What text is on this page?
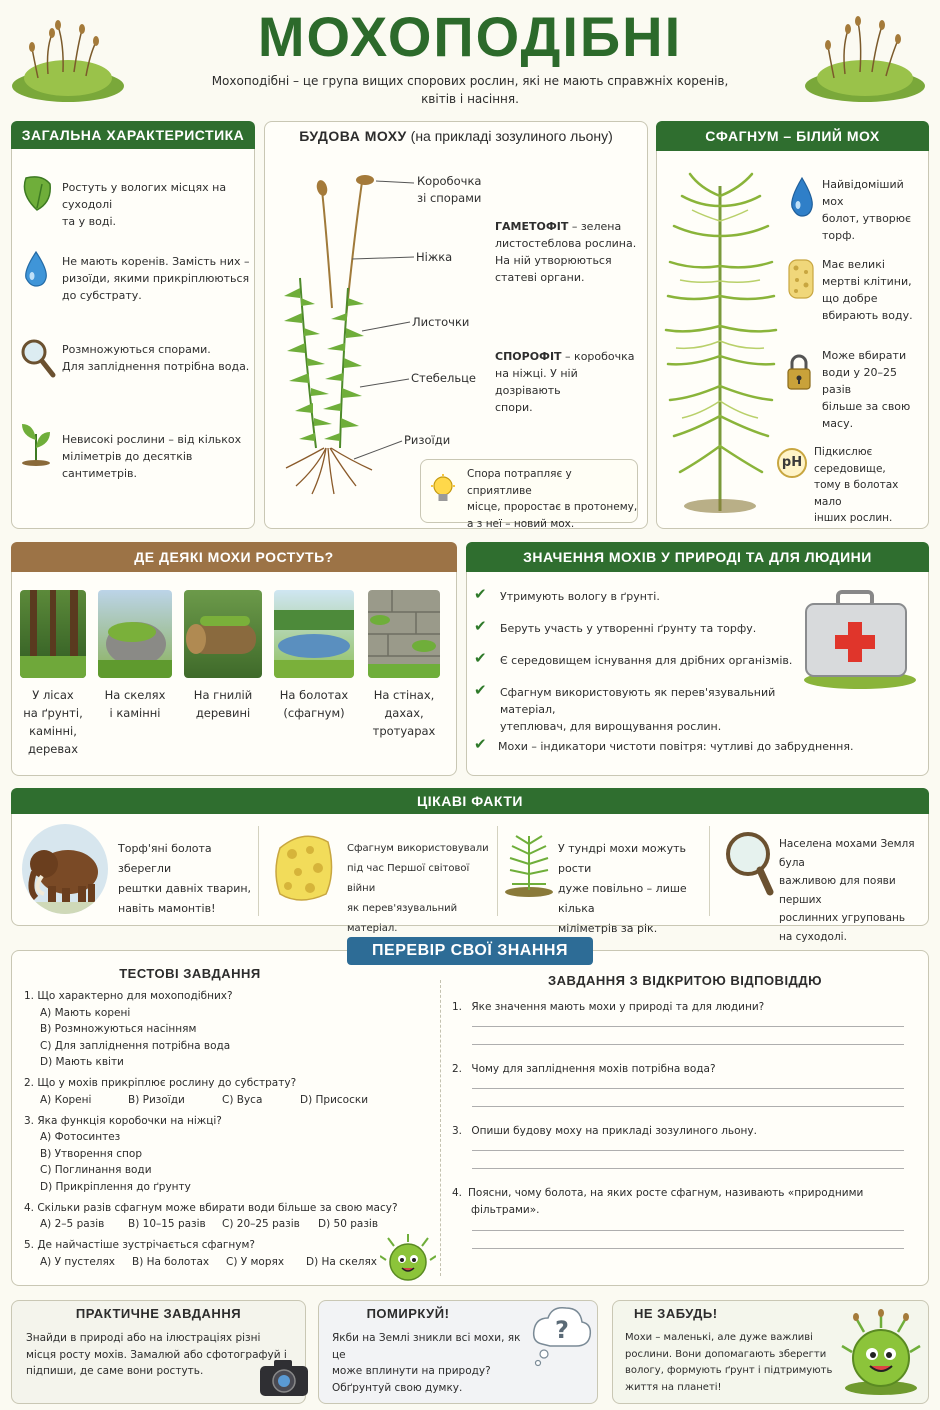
МОХОПОДІБНІ
Мохоподібні – це група вищих спорових рослин, які не мають справжніх коренів,
квітів і насіння.
ЗАГАЛЬНА ХАРАКТЕРИСТИКА
Ростуть у вологих місцях на суходолі
та у воді.
Не мають коренів. Замість них –
ризоїди, якими прикріплюються
до субстрату.
Розмножуються спорами.
Для запліднення потрібна вода.
Невисокі рослини – від кількох
міліметрів до десятків сантиметрів.
БУДОВА МОХУ (на прикладі зозулиного льону)
Коробочка
зі спорами
Ніжка
Листочки
Стебельце
Ризоїди
ГАМЕТОФІТ – зелена
листостеблова рослина.
На ній утворюються
статеві органи.
СПОРОФІТ – коробочка
на ніжці. У ній дозрівають
спори.
Спора потрапляє у сприятливе
місце, проростає в протонему,
а з неї – новий мох.
СФАГНУМ – БІЛИЙ МОХ
Найвідоміший мох
болот, утворює
торф.
Має великі
мертві клітини,
що добре
вбирають воду.
Може вбирати
води у 20–25 разів
більше за свою
масу.
pH
Підкислює середовище,
тому в болотах мало
інших рослин.
ДЕ ДЕЯКІ МОХИ РОСТУТЬ?
У лісах
на ґрунті,
камінні,
деревах
На скелях
і камінні
На гнилій
деревині
На болотах
(сфагнум)
На стінах,
дахах,
тротуарах
ЗНАЧЕННЯ МОХІВ У ПРИРОДІ ТА ДЛЯ ЛЮДИНИ
✔ Утримують вологу в ґрунті.
✔ Беруть участь у утворенні ґрунту та торфу.
✔ Є середовищем існування для дрібних організмів.
✔ Сфагнум використовують як перев'язувальний матеріал,
утеплювач, для вирощування рослин.
✔ Мохи – індикатори чистоти повітря: чутливі до забруднення.
ЦІКАВІ ФАКТИ
Торф'яні болота зберегли
рештки давніх тварин,
навіть мамонтів!
Сфагнум використовували
під час Першої світової війни
як перев'язувальний матеріал.
У тундрі мохи можуть рости
дуже повільно – лише кілька
міліметрів за рік.
Населена мохами Земля була
важливою для появи перших
рослинних угруповань
на суходолі.
ПЕРЕВІР СВОЇ ЗНАННЯ
ТЕСТОВІ ЗАВДАННЯ
1. Що характерно для мохоподібних?
A) Мають корені
B) Розмножуються насінням
C) Для запліднення потрібна вода
D) Мають квіти
2. Що у мохів прикріплює рослину до субстрату?
A) Корені	B) Ризоїди	C) Вуса	D) Присоски
3. Яка функція коробочки на ніжці?
A) Фотосинтез
B) Утворення спор
C) Поглинання води
D) Прикріплення до ґрунту
4. Скільки разів сфагнум може вбирати води більше за свою масу?
A) 2–5 разів B) 10–15 разів C) 20–25 разів D) 50 разів
5. Де найчастіше зустрічається сфагнум?
A) У пустелях B) На болотах C) У морях D) На скелях
ЗАВДАННЯ З ВІДКРИТОЮ ВІДПОВІДДЮ
1. Яке значення мають мохи у природі та для людини?
2. Чому для запліднення мохів потрібна вода?
3. Опиши будову моху на прикладі зозулиного льону.
4. Поясни, чому болота, на яких росте сфагнум, називають «природними
фільтрами».
ПРАКТИЧНЕ ЗАВДАННЯ
Знайди в природі або на ілюстраціях різні
місця росту мохів. Замалюй або сфотографуй і
підпиши, де саме вони ростуть.
ПОМИРКУЙ!
Якби на Землі зникли всі мохи, як це
може вплинути на природу?
Обґрунтуй свою думку.
?
НЕ ЗАБУДЬ!
Мохи – маленькі, але дуже важливі
рослини. Вони допомагають зберегти
вологу, формують ґрунт і підтримують
життя на планеті!
